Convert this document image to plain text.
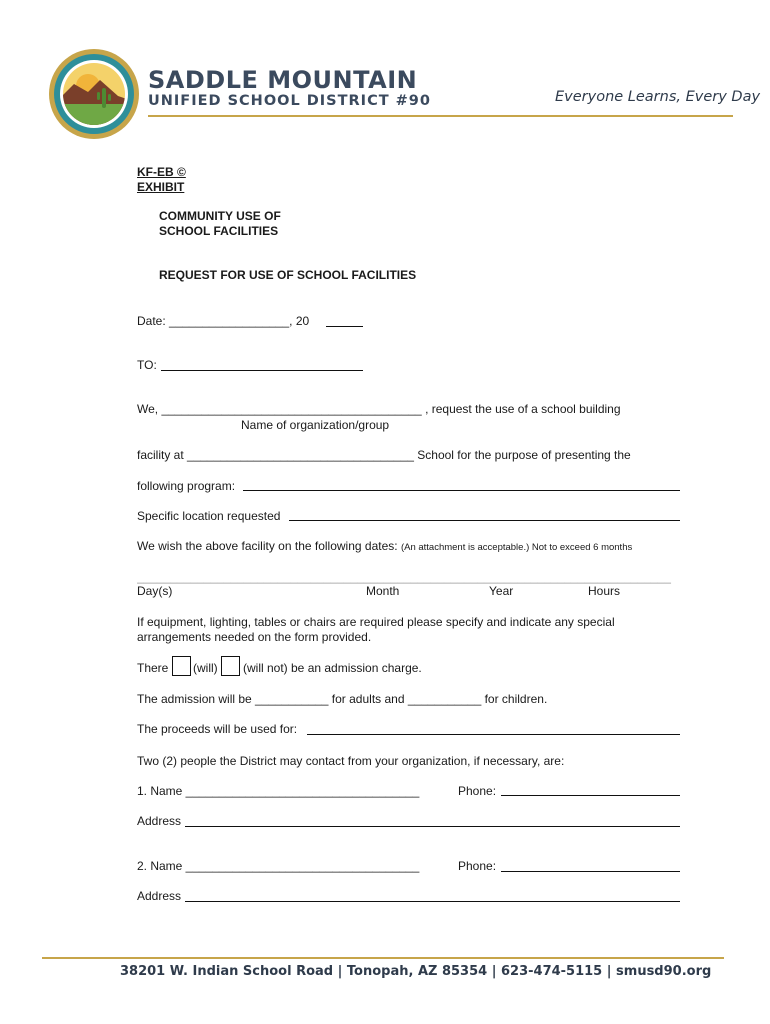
SADDLE MOUNTAIN
UNIFIED SCHOOL DISTRICT #90	Everyone Learns, Every Day
KF-EB ©
EXHIBIT
COMMUNITY USE OF
SCHOOL FACILITIES
REQUEST FOR USE OF SCHOOL FACILITIES
Date: __________________, 20
TO:
We, _______________________________________ , request the use of a school building
Name of organization/group
facility at __________________________________ School for the purpose of presenting the
following program:
Specific location requested
We wish the above facility on the following dates: (An attachment is acceptable.) Not to exceed 6 months
________________________________________________________________________________
Day(s)	Month	Year	Hours
If equipment, lighting, tables or chairs are required please specify and indicate any special
arrangements needed on the form provided.
There (will) (will not) be an admission charge.
The admission will be ___________ for adults and ___________ for children.
The proceeds will be used for:
Two (2) people the District may contact from your organization, if necessary, are:
1. Name ___________________________________	Phone:
Address
2. Name ___________________________________	Phone:
Address
38201 W. Indian School Road | Tonopah, AZ 85354 | 623-474-5115 | smusd90.org
